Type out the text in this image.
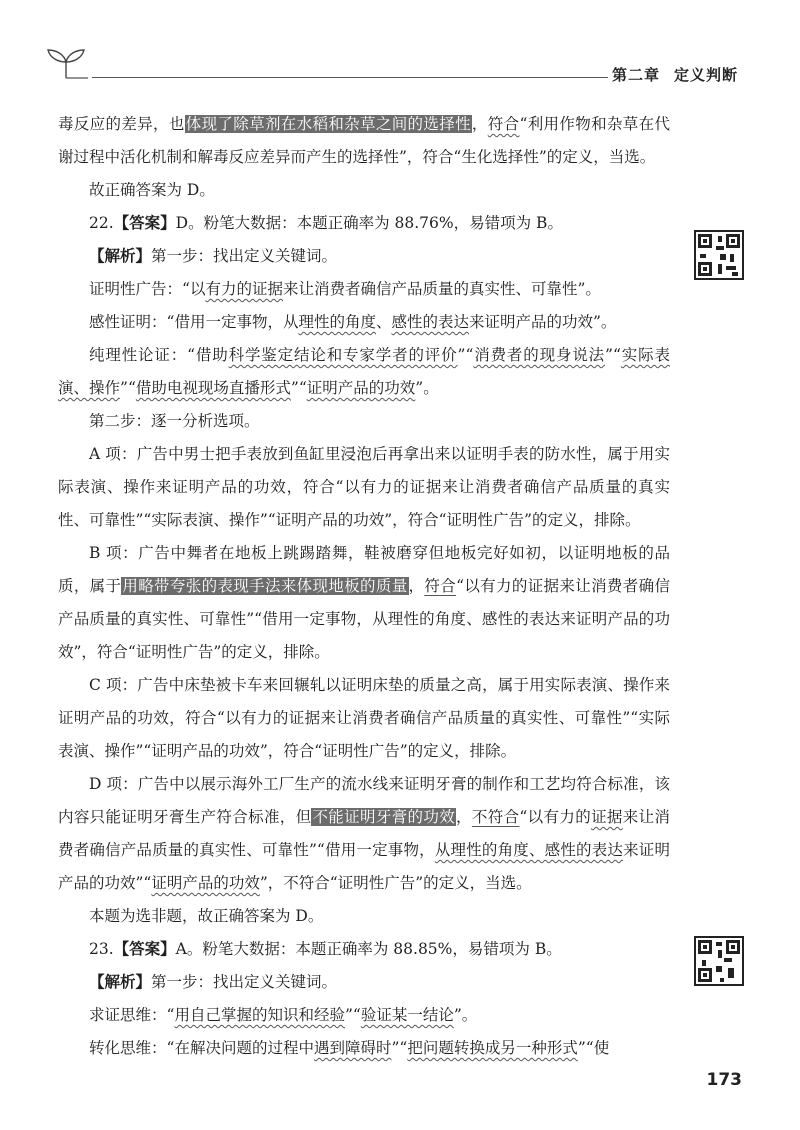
第二章 定义判断

毒反应的差异，也体现了除草剂在水稻和杂草之间的选择性，符合“利用作物和杂草在代谢过程中活化机制和解毒反应差异而产生的选择性”，符合“生化选择性”的定义，当选。

故正确答案为 D。

22.【答案】D。粉笔大数据：本题正确率为 88.76%，易错项为 B。

【解析】第一步：找出定义关键词。

证明性广告：“以有力的证据来让消费者确信产品质量的真实性、可靠性”。

感性证明：“借用一定事物，从理性的角度、感性的表达来证明产品的功效”。

纯理性论证：“借助科学鉴定结论和专家学者的评价”“消费者的现身说法”“实际表演、操作”“借助电视现场直播形式”“证明产品的功效”。

第二步：逐一分析选项。

A 项：广告中男士把手表放到鱼缸里浸泡后再拿出来以证明手表的防水性，属于用实际表演、操作来证明产品的功效，符合“以有力的证据来让消费者确信产品质量的真实性、可靠性”“实际表演、操作”“证明产品的功效”，符合“证明性广告”的定义，排除。

B 项：广告中舞者在地板上跳踢踏舞，鞋被磨穿但地板完好如初，以证明地板的品质，属于用略带夸张的表现手法来体现地板的质量，符合“以有力的证据来让消费者确信产品质量的真实性、可靠性”“借用一定事物，从理性的角度、感性的表达来证明产品的功效”，符合“证明性广告”的定义，排除。

C 项：广告中床垫被卡车来回辗轧以证明床垫的质量之高，属于用实际表演、操作来证明产品的功效，符合“以有力的证据来让消费者确信产品质量的真实性、可靠性”“实际表演、操作”“证明产品的功效”，符合“证明性广告”的定义，排除。

D 项：广告中以展示海外工厂生产的流水线来证明牙膏的制作和工艺均符合标准，该内容只能证明牙膏生产符合标准，但不能证明牙膏的功效，不符合“以有力的证据来让消费者确信产品质量的真实性、可靠性”“借用一定事物，从理性的角度、感性的表达来证明产品的功效”“证明产品的功效”，不符合“证明性广告”的定义，当选。

本题为选非题，故正确答案为 D。

23.【答案】A。粉笔大数据：本题正确率为 88.85%，易错项为 B。

【解析】第一步：找出定义关键词。

求证思维：“用自己掌握的知识和经验”“验证某一结论”。

转化思维：“在解决问题的过程中遇到障碍时”“把问题转换成另一种形式”“使

173
